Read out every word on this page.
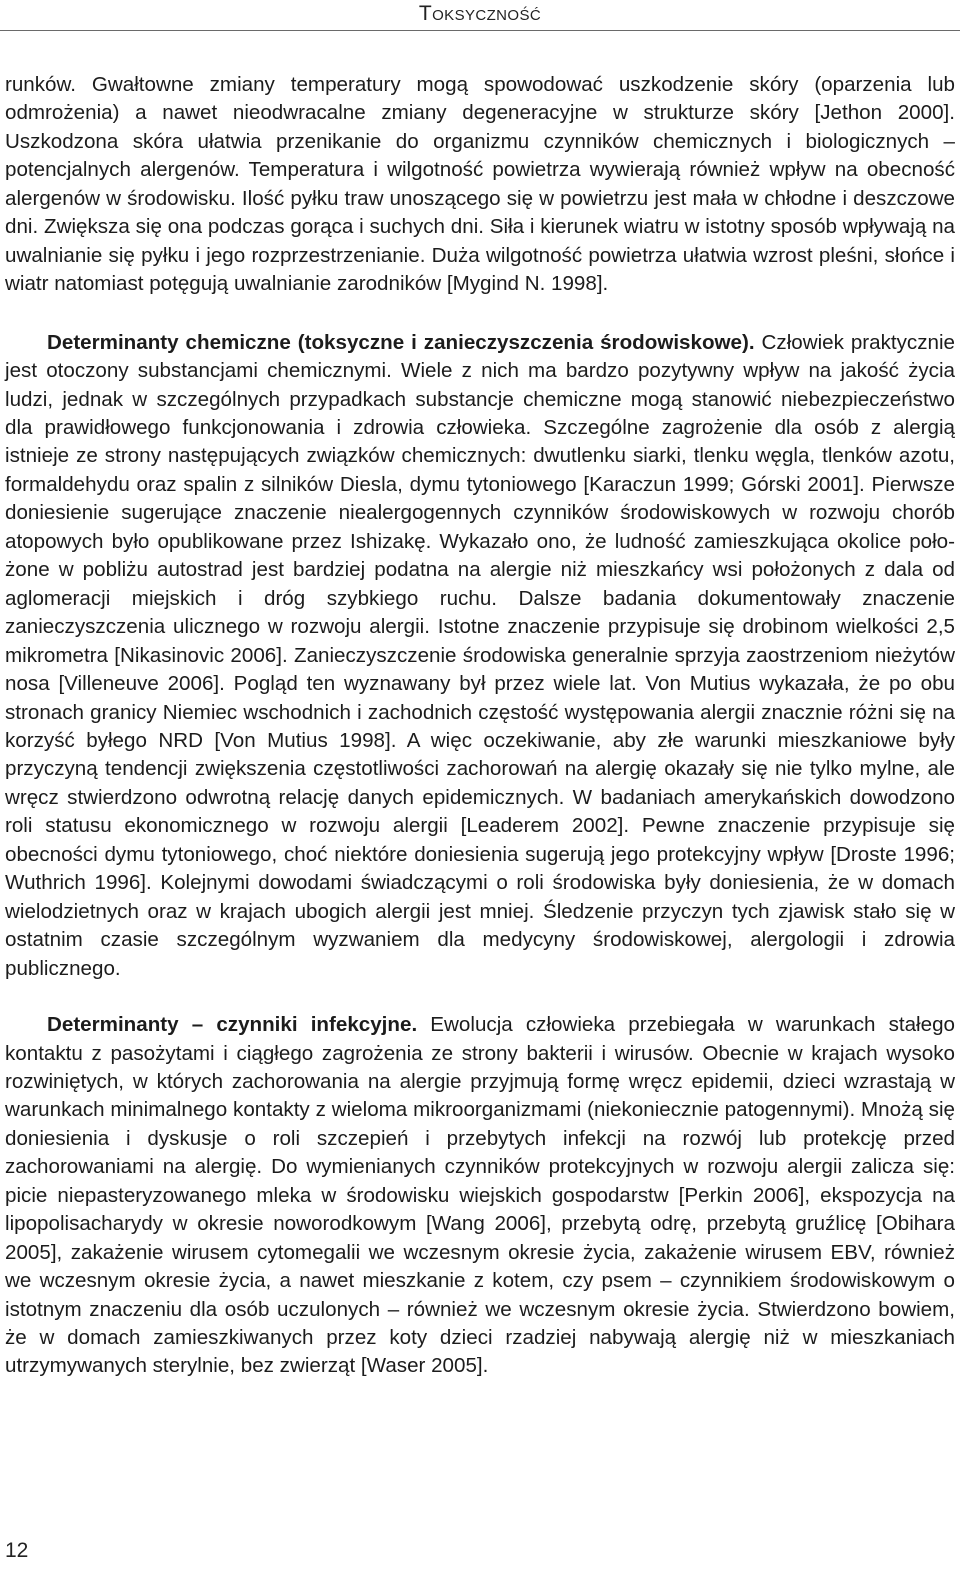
Toksyczność

runków. Gwałtowne zmiany temperatury mogą spowodować uszkodzenie skóry (oparzenia lub odmrożenia) a nawet nieodwracalne zmiany degeneracyjne w strukturze skóry [Jethon 2000]. Uszkodzona skóra ułatwia przenikanie do organizmu czynników chemicznych i biologicznych – potencjalnych alergenów. Temperatura i wilgotność powietrza wywierają również wpływ na obecność alergenów w środowisku. Ilość pyłku traw unoszącego się w powietrzu jest mała w chłodne i deszczowe dni. Zwiększa się ona podczas gorąca i suchych dni. Siła i kierunek wiatru w istotny sposób wpływają na uwalnianie się pyłku i jego rozprzestrzenianie. Duża wilgotność powietrza ułatwia wzrost pleśni, słońce i wiatr natomiast potęgują uwalnianie zarodników [Mygind N. 1998].

Determinanty chemiczne (toksyczne i zanieczyszczenia środowiskowe). Człowiek praktycznie jest otoczony substancjami chemicznymi. Wiele z nich ma bardzo pozytywny wpływ na jakość życia ludzi, jednak w szczególnych przypadkach substancje chemiczne mogą stanowić niebezpieczeństwo dla prawidłowego funkcjonowania i zdrowia człowieka. Szczególne zagrożenie dla osób z alergią istnieje ze strony następujących związków chemicznych: dwutlenku siarki, tlenku węgla, tlenków azotu, formaldehydu oraz spalin z silników Diesla, dymu tytoniowego [Karaczun 1999; Górski 2001]. Pierwsze doniesienie sugerujące znaczenie niealergogennych czynników środowiskowych w rozwoju chorób atopowych było opublikowane przez Ishizakę. Wykazało ono, że ludność zamieszkująca okolice położone w pobliżu autostrad jest bardziej podatna na alergie niż mieszkańcy wsi położonych z dala od aglomeracji miejskich i dróg szybkiego ruchu. Dalsze badania dokumentowały znaczenie zanieczyszczenia ulicznego w rozwoju alergii. Istotne znaczenie przypisuje się drobinom wielkości 2,5 mikrometra [Nikasinovic 2006]. Zanieczyszczenie środowiska generalnie sprzyja zaostrzeniom nieżytów nosa [Villeneuve 2006]. Pogląd ten wyznawany był przez wiele lat. Von Mutius wykazała, że po obu stronach granicy Niemiec wschodnich i zachodnich częstość występowania alergii znacznie różni się na korzyść byłego NRD [Von Mutius 1998]. A więc oczekiwanie, aby złe warunki mieszkaniowe były przyczyną tendencji zwiększenia częstotliwości zachorowań na alergię okazały się nie tylko mylne, ale wręcz stwierdzono odwrotną relację danych epidemicznych. W badaniach amerykańskich dowodzono roli statusu ekonomicznego w rozwoju alergii [Leaderem 2002]. Pewne znaczenie przypisuje się obecności dymu tytoniowego, choć niektóre doniesienia sugerują jego protekcyjny wpływ [Droste 1996; Wuthrich 1996]. Kolejnymi dowodami świadczącymi o roli środowiska były doniesienia, że w domach wielodzietnych oraz w krajach ubogich alergii jest mniej. Śledzenie przyczyn tych zjawisk stało się w ostatnim czasie szczególnym wyzwaniem dla medycyny środowiskowej, alergologii i zdrowia publicznego.

Determinanty – czynniki infekcyjne. Ewolucja człowieka przebiegała w warunkach stałego kontaktu z pasożytami i ciągłego zagrożenia ze strony bakterii i wirusów. Obecnie w krajach wysoko rozwiniętych, w których zachorowania na alergie przyjmują formę wręcz epidemii, dzieci wzrastają w warunkach minimalnego kontakty z wieloma mikroorganizmami (niekoniecznie patogennymi). Mnożą się doniesienia i dyskusje o roli szczepień i przebytych infekcji na rozwój lub protekcję przed zachorowaniami na alergię. Do wymienianych czynników protekcyjnych w rozwoju alergii zalicza się: picie niepasteryzowanego mleka w środowisku wiejskich gospodarstw [Perkin 2006], ekspozycja na lipopolisacharydy w okresie noworodkowym [Wang 2006], przebytą odrę, przebytą gruźlicę [Obihara 2005], zakażenie wirusem cytomegalii we wczesnym okresie życia, zakażenie wirusem EBV, również we wczesnym okresie życia, a nawet mieszkanie z kotem, czy psem – czynnikiem środowiskowym o istotnym znaczeniu dla osób uczulonych – również we wczesnym okresie życia. Stwierdzono bowiem, że w domach zamieszkiwanych przez koty dzieci rzadziej nabywają alergię niż w mieszkaniach utrzymywanych sterylnie, bez zwierząt [Waser 2005].

12
